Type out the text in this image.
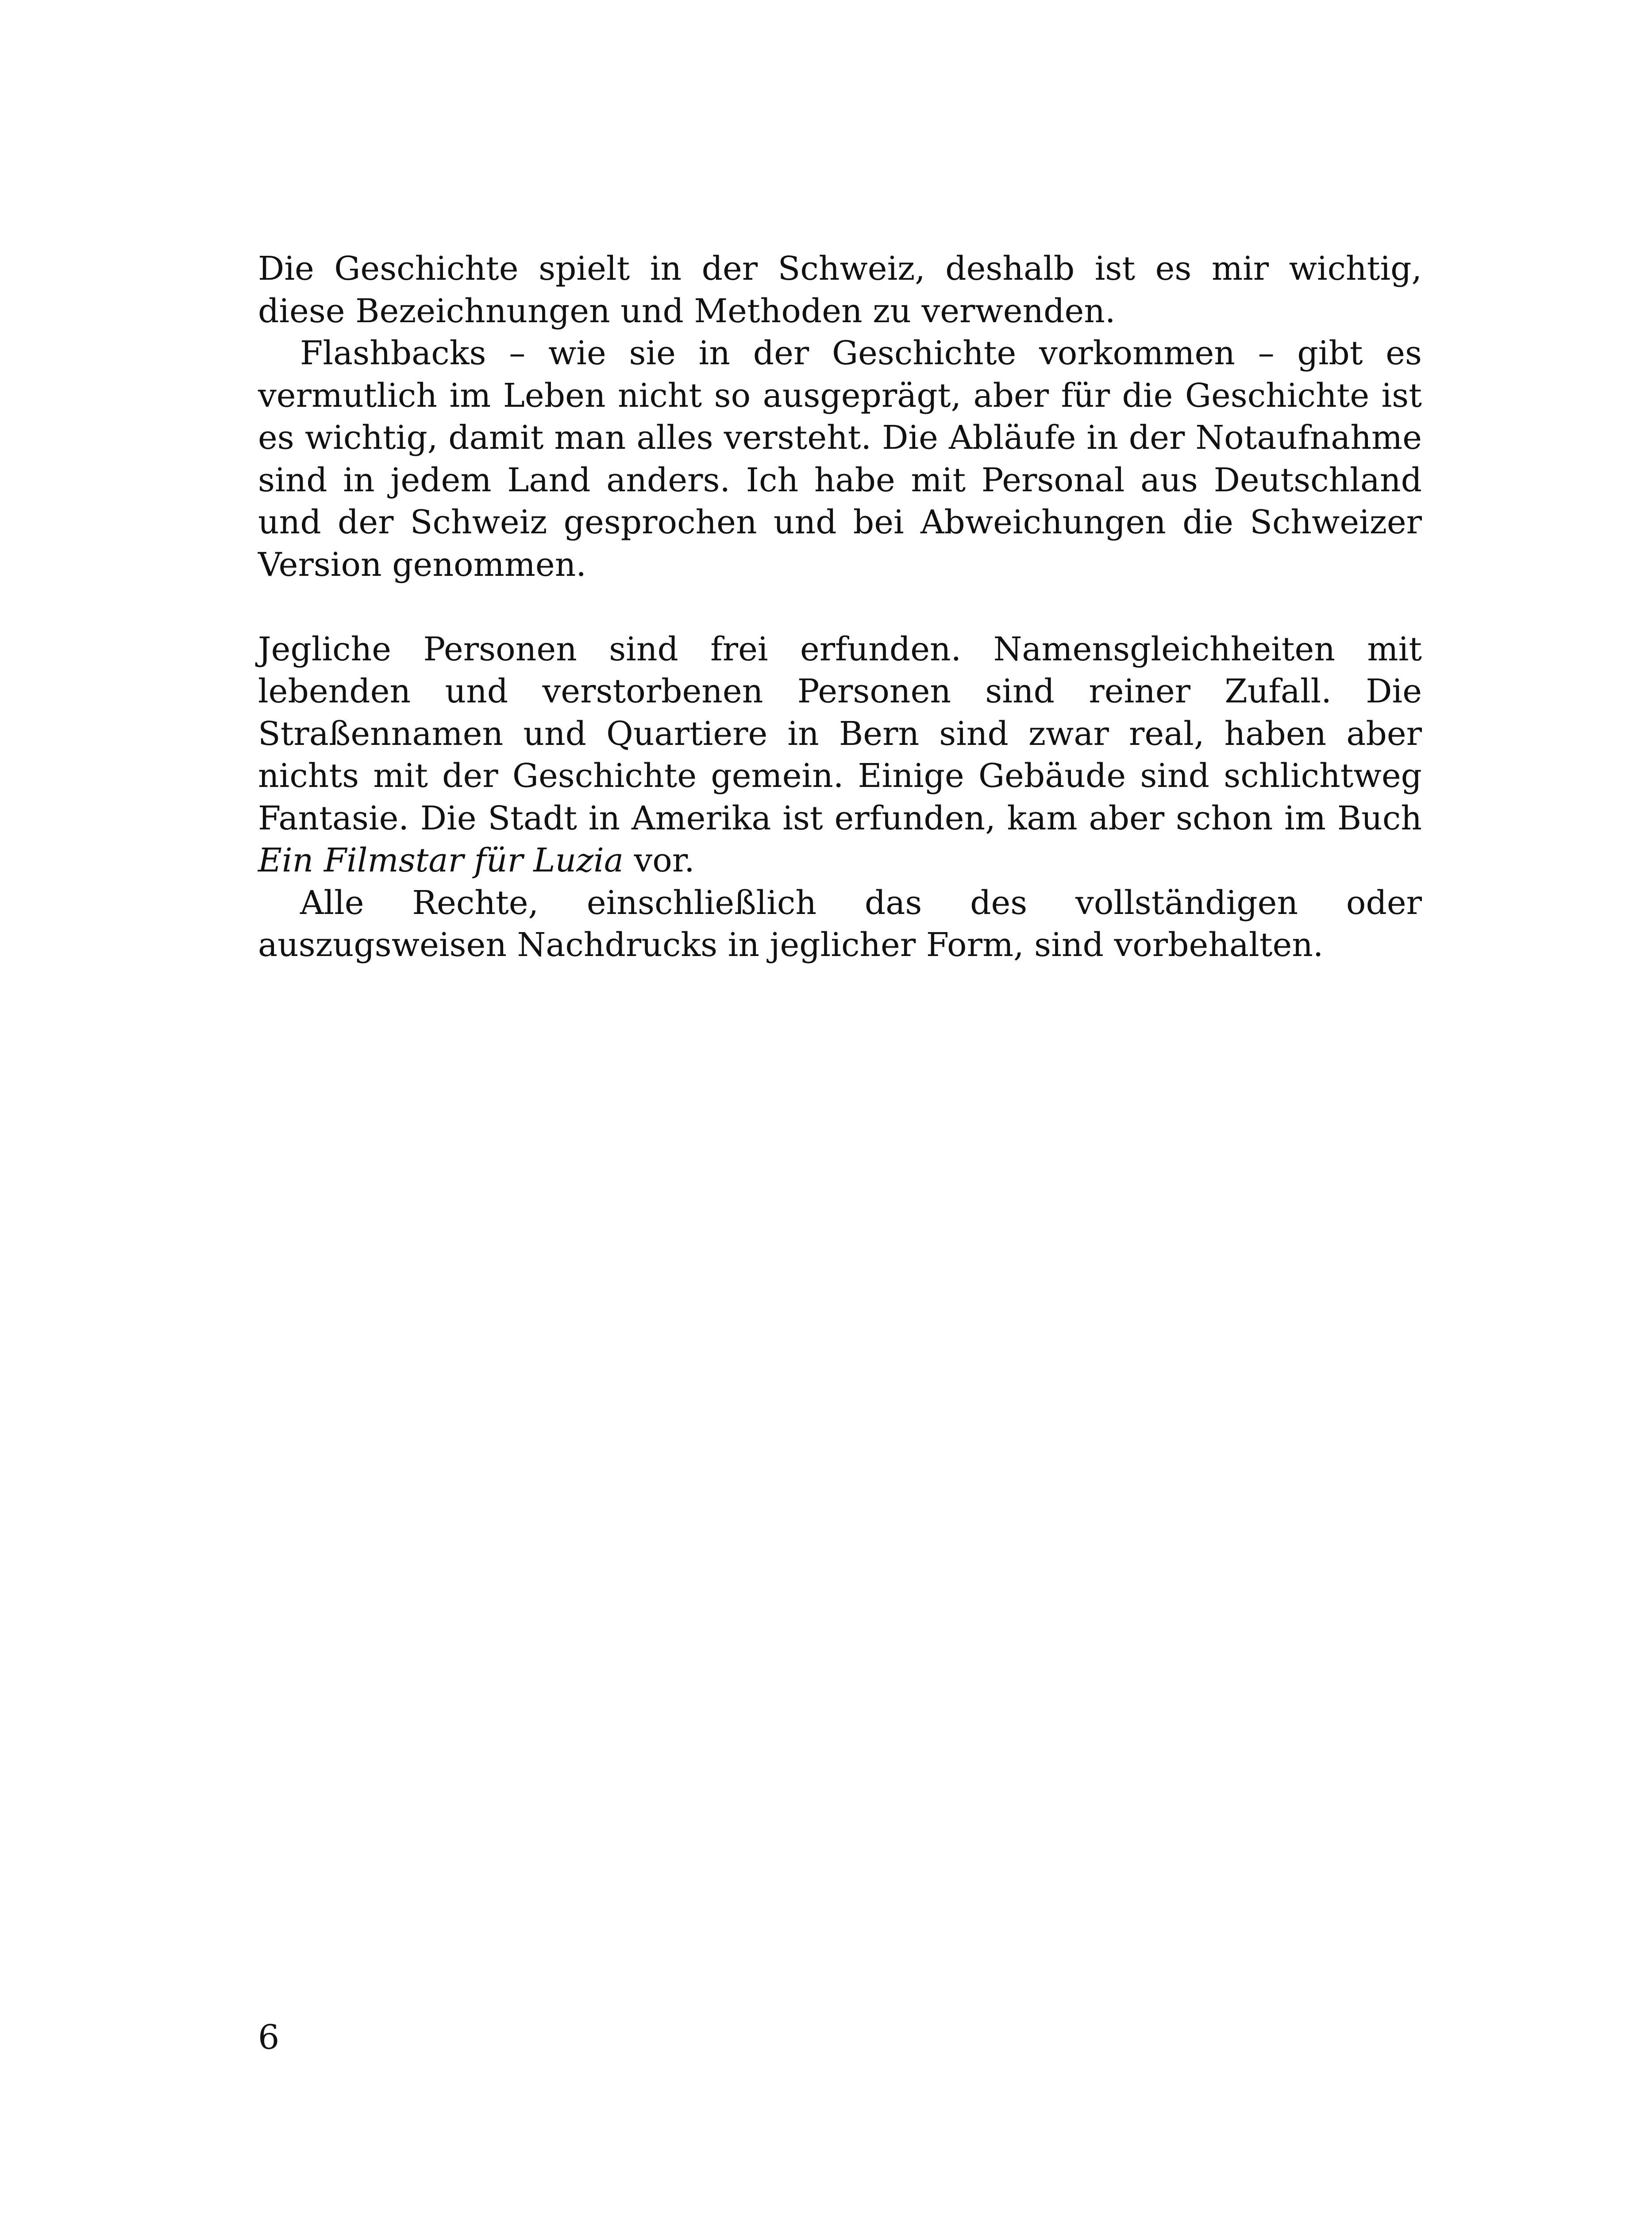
Die Geschichte spielt in der Schweiz, deshalb ist es mir wichtig, diese Bezeichnungen und Methoden zu verwenden.

Flashbacks – wie sie in der Geschichte vorkommen – gibt es vermutlich im Leben nicht so ausgeprägt, aber für die Geschichte ist es wichtig, damit man alles versteht. Die Abläufe in der Notaufnahme sind in jedem Land anders. Ich habe mit Personal aus Deutschland und der Schweiz gesprochen und bei Abweichungen die Schweizer Version genommen.

Jegliche Personen sind frei erfunden. Namensgleichheiten mit lebenden und verstorbenen Personen sind reiner Zufall. Die Straßennamen und Quartiere in Bern sind zwar real, haben aber nichts mit der Geschichte gemein. Einige Gebäude sind schlichtweg Fantasie. Die Stadt in Amerika ist erfunden, kam aber schon im Buch Ein Filmstar für Luzia vor.

Alle Rechte, einschließlich das des vollständigen oder auszugsweisen Nachdrucks in jeglicher Form, sind vorbehalten.

6
